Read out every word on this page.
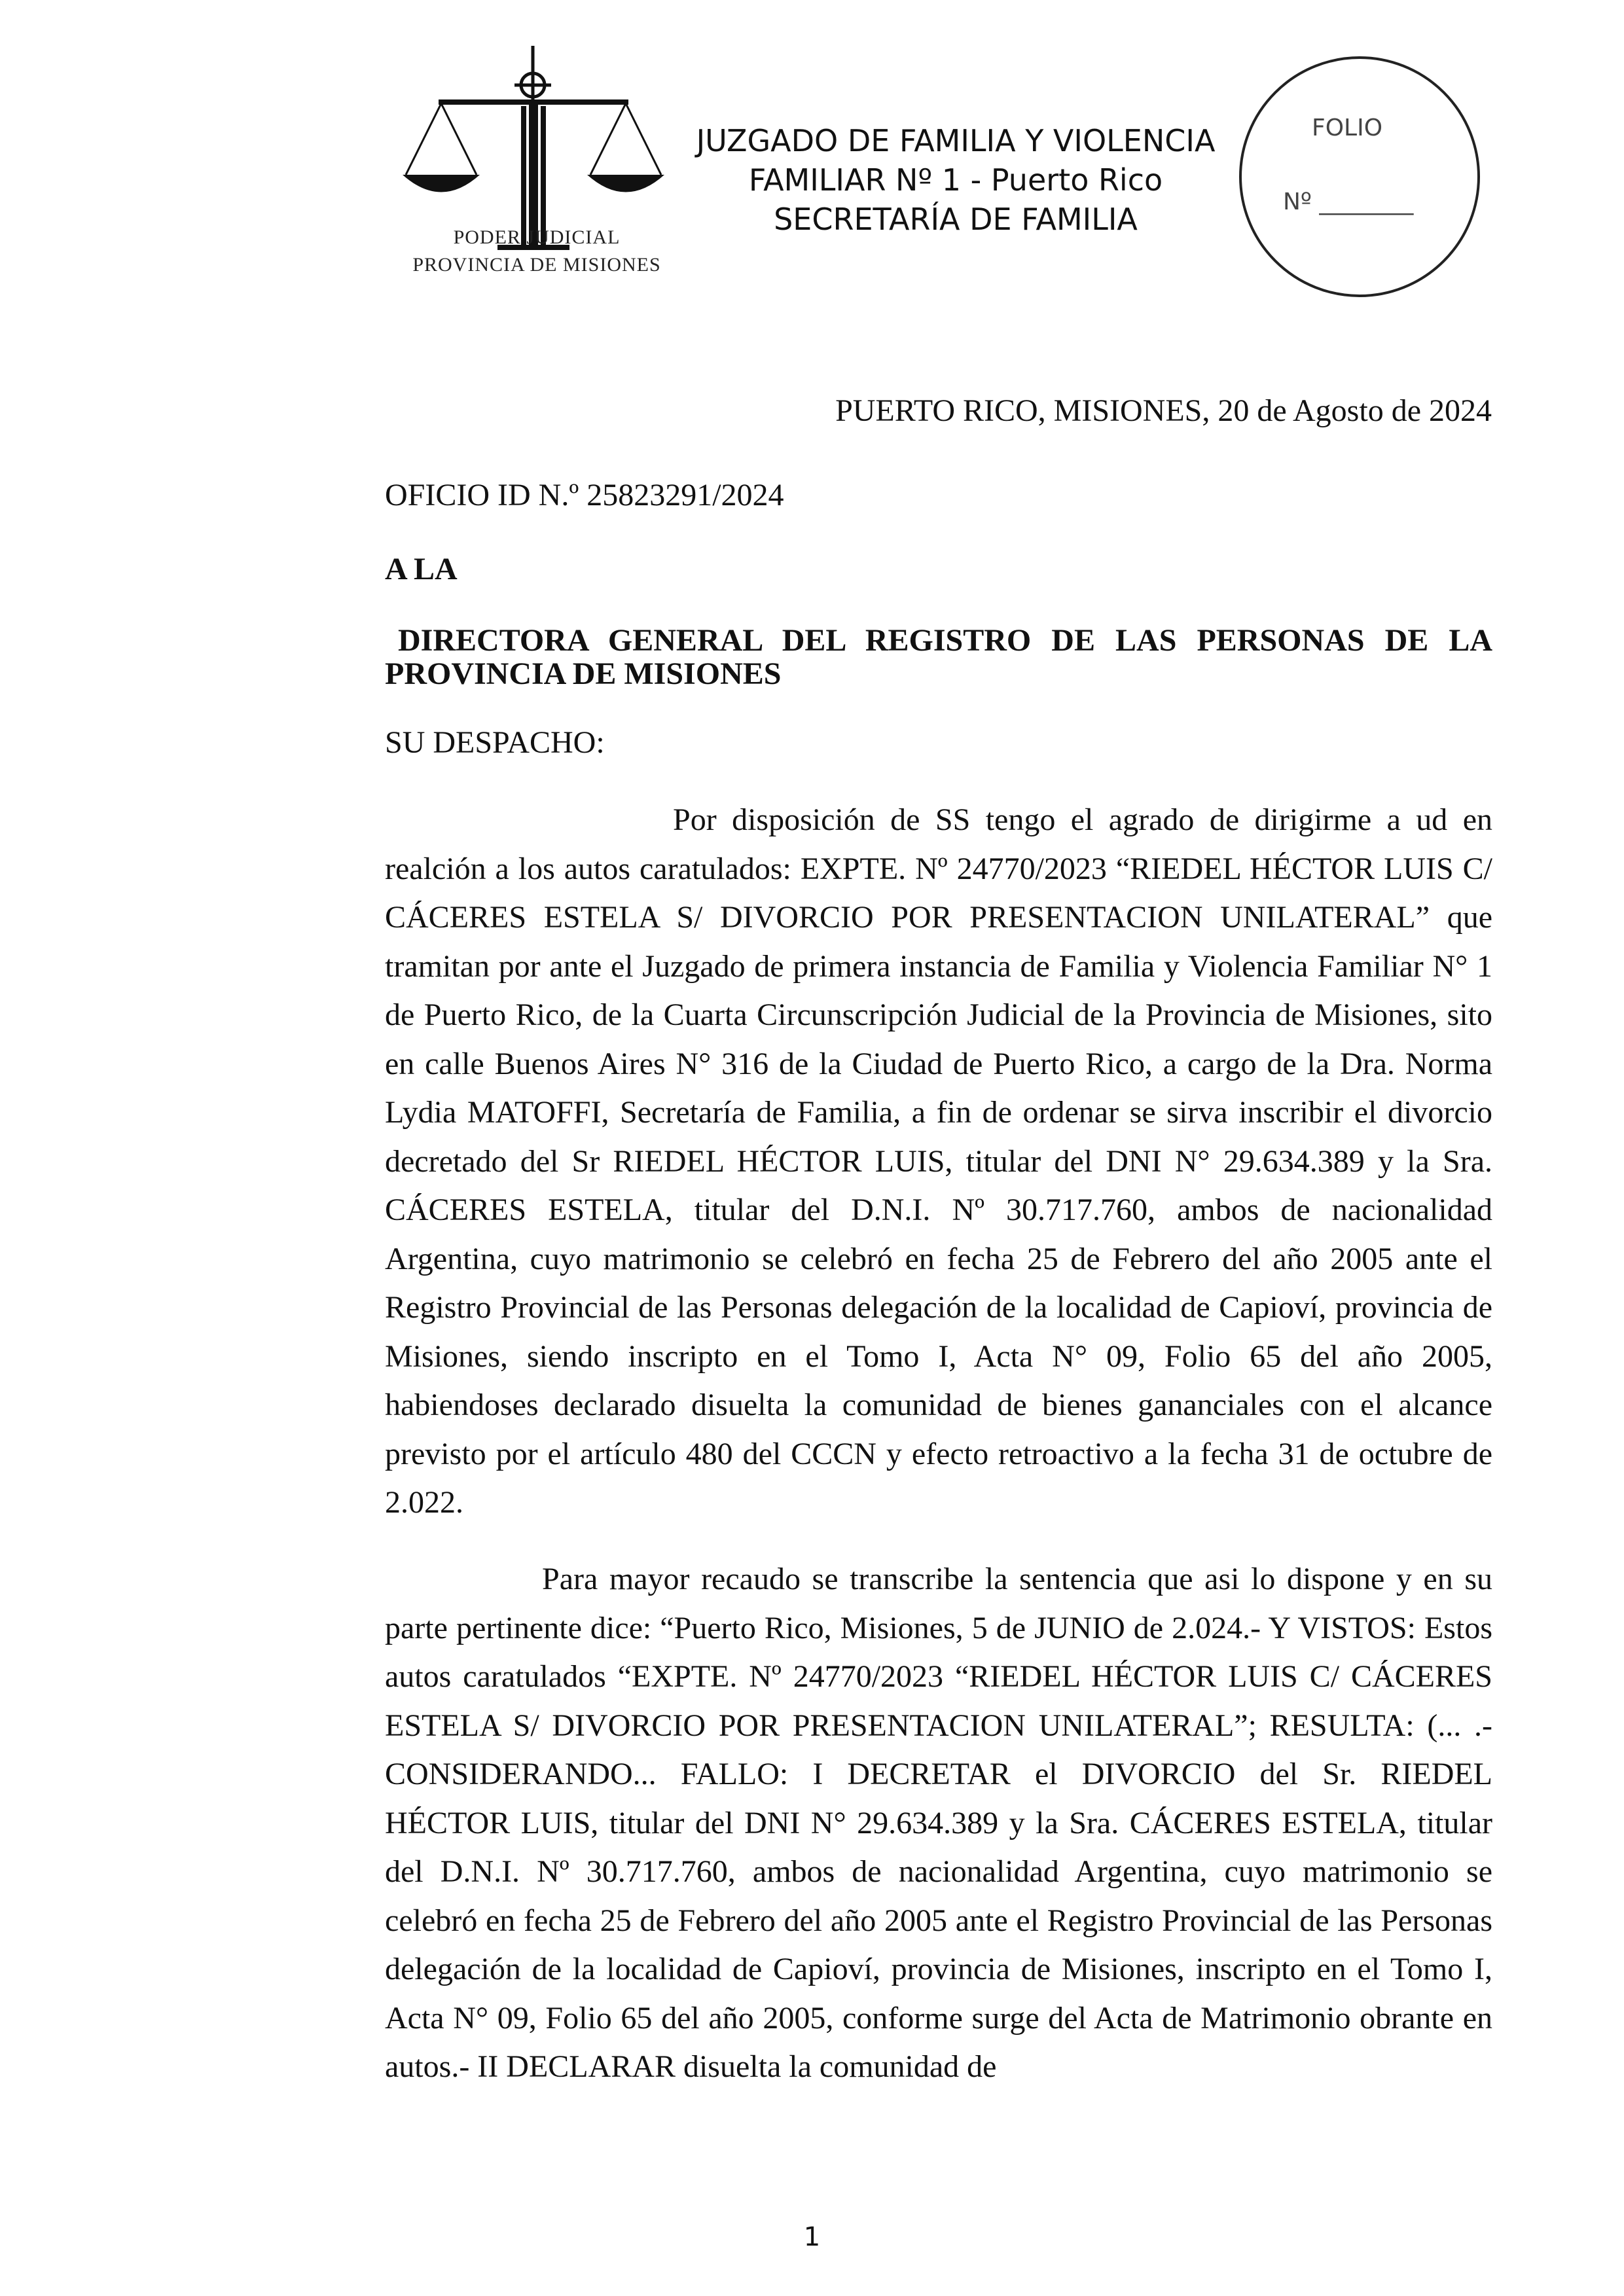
PODER JUDICIAL
PROVINCIA DE MISIONES
JUZGADO DE FAMILIA Y VIOLENCIA
FAMILIAR Nº 1 - Puerto Rico
SECRETARÍA DE FAMILIA
FOLIO
Nº ________
PUERTO RICO, MISIONES, 20 de Agosto de 2024
OFICIO ID N.º 25823291/2024
A LA
DIRECTORA GENERAL DEL REGISTRO DE LAS PERSONAS DE LA
PROVINCIA DE MISIONES
SU DESPACHO:

Por disposición de SS tengo el agrado de dirigirme a ud en realción a los autos caratulados: EXPTE. Nº 24770/2023 “RIEDEL HÉCTOR LUIS C/ CÁCERES ESTELA S/ DIVORCIO POR PRESENTACION UNILATERAL” que tramitan por ante el Juzgado de primera instancia de Familia y Violencia Familiar N° 1 de Puerto Rico, de la Cuarta Circunscripción Judicial de la Provincia de Misiones, sito en calle Buenos Aires N° 316 de la Ciudad de Puerto Rico, a cargo de la Dra. Norma Lydia MATOFFI, Secretaría de Familia, a fin de ordenar se sirva inscribir el divorcio decretado del Sr RIEDEL HÉCTOR LUIS, titular del DNI N° 29.634.389 y la Sra. CÁCERES ESTELA, titular del D.N.I. Nº 30.717.760, ambos de nacionalidad Argentina, cuyo matrimonio se celebró en fecha 25 de Febrero del año 2005 ante el Registro Provincial de las Personas delegación de la localidad de Capioví, provincia de Misiones, siendo inscripto en el Tomo I, Acta N° 09, Folio 65 del año 2005, habiendoses declarado disuelta la comunidad de bienes gananciales con el alcance previsto por el artículo 480 del CCCN y efecto retroactivo a la fecha 31 de octubre de 2.022.

Para mayor recaudo se transcribe la sentencia que asi lo dispone y en su parte pertinente dice: “Puerto Rico, Misiones, 5 de JUNIO de 2.024.- Y VISTOS: Estos autos caratulados “EXPTE. Nº 24770/2023 “RIEDEL HÉCTOR LUIS C/ CÁCERES ESTELA S/ DIVORCIO POR PRESENTACION UNILATERAL”; RESULTA: (... .- CONSIDERANDO... FALLO: I DECRETAR el DIVORCIO del Sr. RIEDEL HÉCTOR LUIS, titular del DNI N° 29.634.389 y la Sra. CÁCERES ESTELA, titular del D.N.I. Nº 30.717.760, ambos de nacionalidad Argentina, cuyo matrimonio se celebró en fecha 25 de Febrero del año 2005 ante el Registro Provincial de las Personas delegación de la localidad de Capioví, provincia de Misiones, inscripto en el Tomo I, Acta N° 09, Folio 65 del año 2005, conforme surge del Acta de Matrimonio obrante en autos.- II DECLARAR disuelta la comunidad de

1
